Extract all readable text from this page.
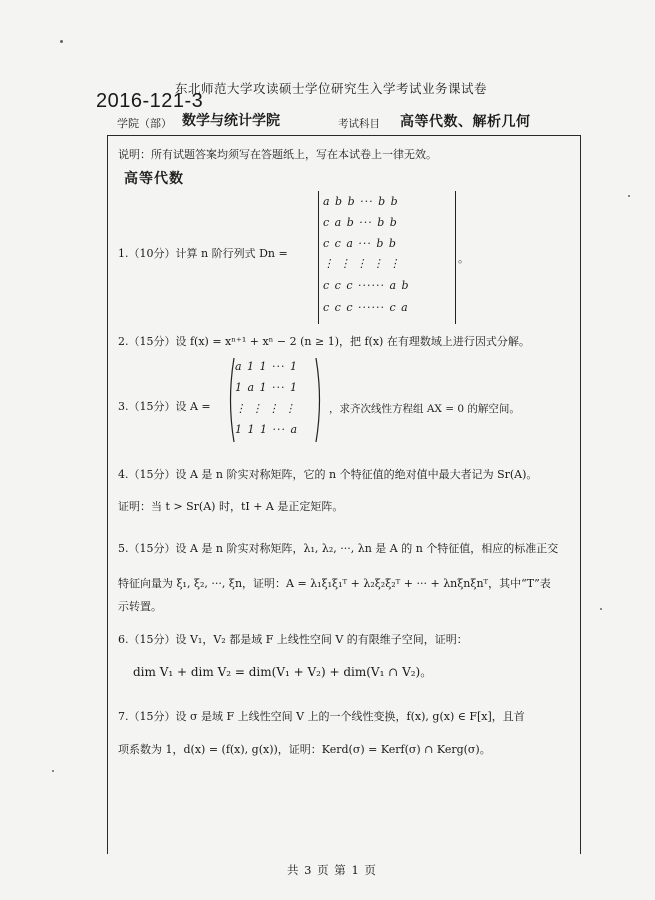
2016-121-3
东北师范大学攻读硕士学位研究生入学考试业务课试卷
学院（部） 数学与统计学院	考试科目 高等代数、解析几何
说明：所有试题答案均须写在答题纸上，写在本试卷上一律无效。
高等代数
1.（10分）计算 n 阶行列式 Dn =
a b b ··· b b
c a b ··· b b
c c a ··· b b
⋮ ⋮ ⋮ ⋮ ⋮
c c c ······ a b
c c c ······ c a
。
2.（15分）设 f(x) = xⁿ⁺¹ + xⁿ − 2 (n ≥ 1)，把 f(x) 在有理数域上进行因式分解。
3.（15分）设 A =
a 1 1 ··· 1
1 a 1 ··· 1
⋮ ⋮ ⋮ ⋮
1 1 1 ··· a
，求齐次线性方程组 AX = 0 的解空间。
4.（15分）设 A 是 n 阶实对称矩阵，它的 n 个特征值的绝对值中最大者记为 Sr(A)。
证明：当 t > Sr(A) 时，tI + A 是正定矩阵。
5.（15分）设 A 是 n 阶实对称矩阵，λ₁, λ₂, ···, λn 是 A 的 n 个特征值，相应的标准正交
特征向量为 ξ₁, ξ₂, ···, ξn，证明：A = λ₁ξ₁ξ₁ᵀ + λ₂ξ₂ξ₂ᵀ + ··· + λnξnξnᵀ，其中“T”表
示转置。
6.（15分）设 V₁，V₂ 都是域 F 上线性空间 V 的有限维子空间，证明：
dim V₁ + dim V₂ = dim(V₁ + V₂) + dim(V₁ ∩ V₂)。
7.（15分）设 σ 是域 F 上线性空间 V 上的一个线性变换，f(x), g(x) ∈ F[x]，且首
项系数为 1，d(x) = (f(x), g(x))，证明：Kerd(σ) = Kerf(σ) ∩ Kerg(σ)。
共 3 页 第 1 页
